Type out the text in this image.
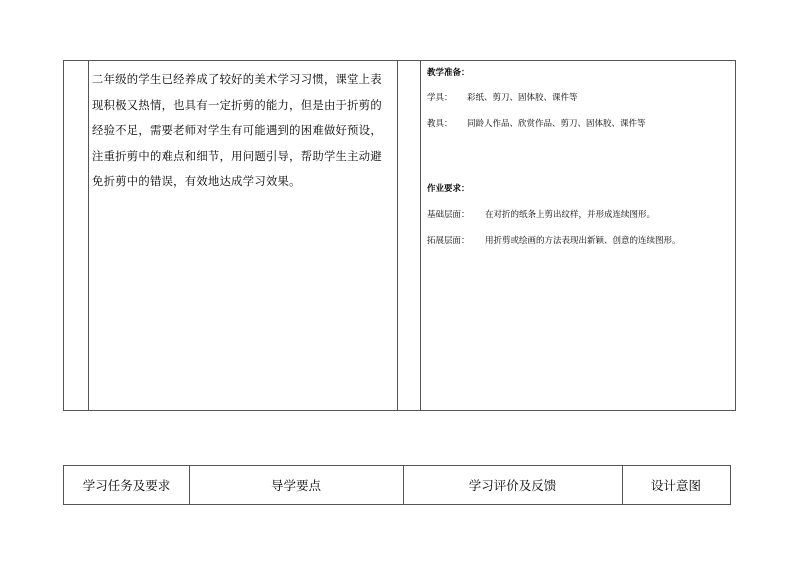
二年级的学生已经养成了较好的美术学习习惯，课堂上表现积极又热情，也具有一定折剪的能力，但是由于折剪的经验不足，需要老师对学生有可能遇到的困难做好预设，注重折剪中的难点和细节，用问题引导，帮助学生主动避免折剪中的错误，有效地达成学习效果。
教学准备：
学具： 彩纸、剪刀、固体胶、课件等
教具： 同龄人作品、欣赏作品、剪刀、固体胶、课件等
作业要求：
基础层面： 在对折的纸条上剪出纹样，并形成连续图形。
拓展层面： 用折剪或绘画的方法表现出新颖、创意的连续图形。
学习任务及要求	导学要点	学习评价及反馈	设计意图
